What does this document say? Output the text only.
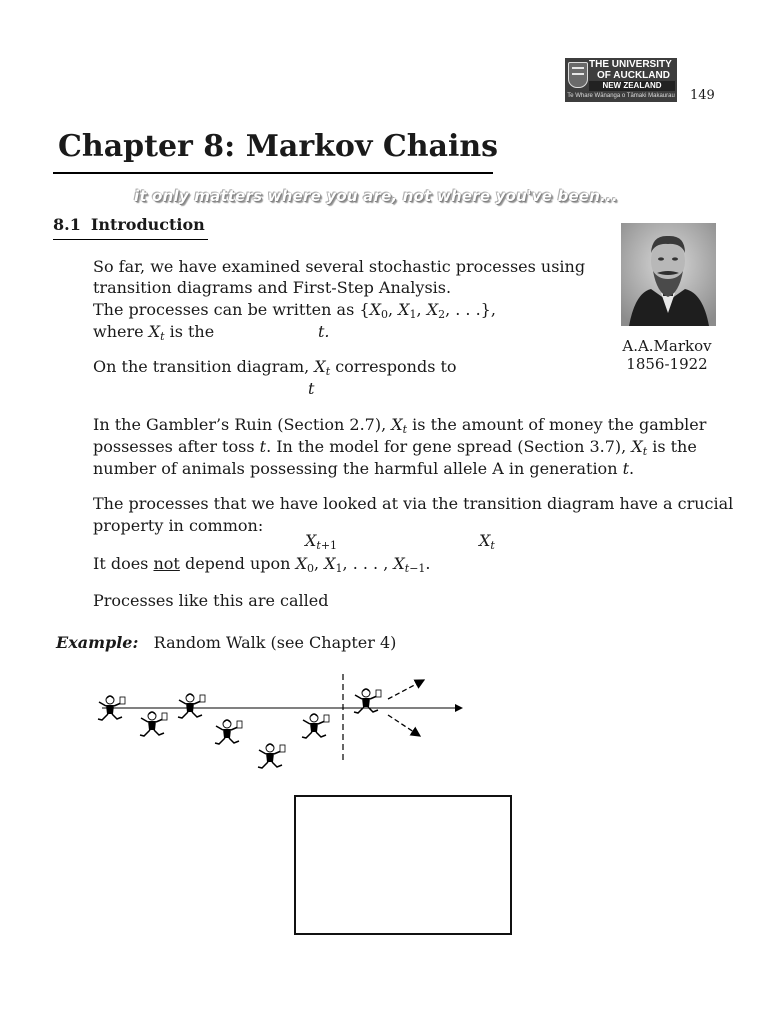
THE UNIVERSITY
OF AUCKLAND
NEW ZEALAND
Te Whare Wānanga o Tāmaki Makaurau 149
Chapter 8: Markov Chains
it only matters where you are, not where you've been...
8.1 Introduction
A.A.Markov
1856-1922
So far, we have examined several stochastic processes using
transition diagrams and First-Step Analysis.
The processes can be written as {$X_0$, $X_1$, $X_2$, . . .},
where $X_t$ is the	t.
On the transition diagram, $X_t$ corresponds to
t
In the Gambler’s Ruin (Section 2.7), $X_t$ is the amount of money the gambler
possesses after toss t. In the model for gene spread (Section 3.7), $X_t$ is the
number of animals possessing the harmful allele A in generation t.
The processes that we have looked at via the transition diagram have a crucial
property in common:
$X_{t+1}$	$X_t$
It does not depend upon $X_0$, $X_1$, . . . , $X_{t-1}$.
Processes like this are called
Example: Random Walk (see Chapter 4)
